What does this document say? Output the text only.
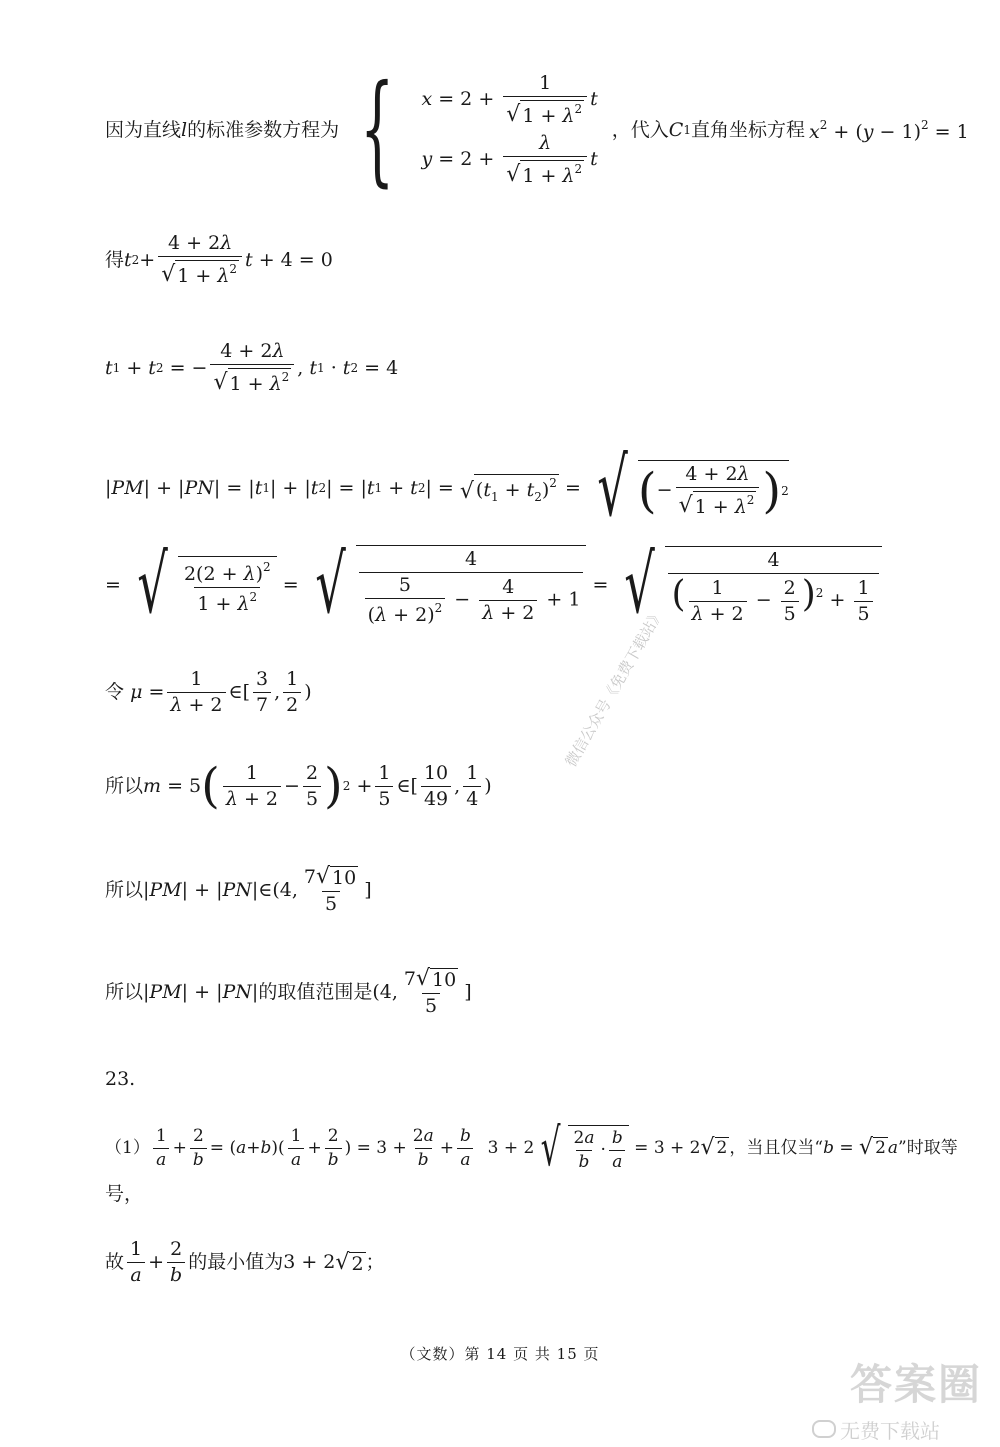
因为直线 l 的标准参数方程为 { $x = 2 + \frac{1}{√ 1 + \lambda^2}$ t
$y = 2 + \frac{\lambda}{√ 1 + \lambda^2}$ t
，代入 C 1 直角坐标方程 $x^2 + (y - 1)^2 = 1$
得 t $2 + \frac{4 + 2\lambda}{√ 1 + \lambda^2}$ t + 4 = 0
t 1 + t 2 = − $\frac{4 + 2\lambda}{√ 1 + \lambda^2}$ , t 1 · t 2 = 4
| PM | + | PN | = | t 1 | + | t 2 | = | t 1 + t 2 | = √ $(t_1 + t_2)^2$ = √ ( − $\frac{4 + 2\lambda}{√ 1 + \lambda^2}$ ) 2
= √ $\frac{2(2 + \lambda)^2}{1 + \lambda^2}$ = √ $\frac{4}{\frac{5}{(\lambda + 2)^2} - \frac{4}{\lambda + 2} + 1}$ = √ $\frac{4}{( \frac{1}{\lambda + 2} - \frac{2}{5} )^2 + \frac{1}{5}}$
令
$\mu = \frac{1}{\lambda + 2}$ ∈[ $\frac{3}{7}$ , $\frac{1}{2}$ )
所以 m = 5 ( $\frac{1}{\lambda + 2} - \frac{2}{5}$ ) $2 + \frac{1}{5}$ ∈[ $\frac{10}{49}$ , $\frac{1}{4}$ )
所以 | PM | + | PN |∈(4, $\frac{7 √ 10}{5}$ ]
所以 | PM | + | PN | 的取值范围是 (4, $\frac{7 √ 10}{5}$ ]
23.
$(1) \frac{1}{a} + \frac{2}{b}$ = ( a + b )( $\frac{1}{a} + \frac{2}{b}$ ) = $3 + \frac{2a}{b} + \frac{b}{a} 3 + 2$ √ $\frac{2a}{b} \cdot \frac{b}{a} = 3 + 2$ √ 2 ，当且仅当“ b = √ 2 a ”时取等
号，
故 $\frac{1}{a} + \frac{2}{b}$ 的最小值为 3 + 2 √ 2 ；
（文数）第 14 页 共 15 页
微信公众号《免费下载站》
答案圈
无费下载站
